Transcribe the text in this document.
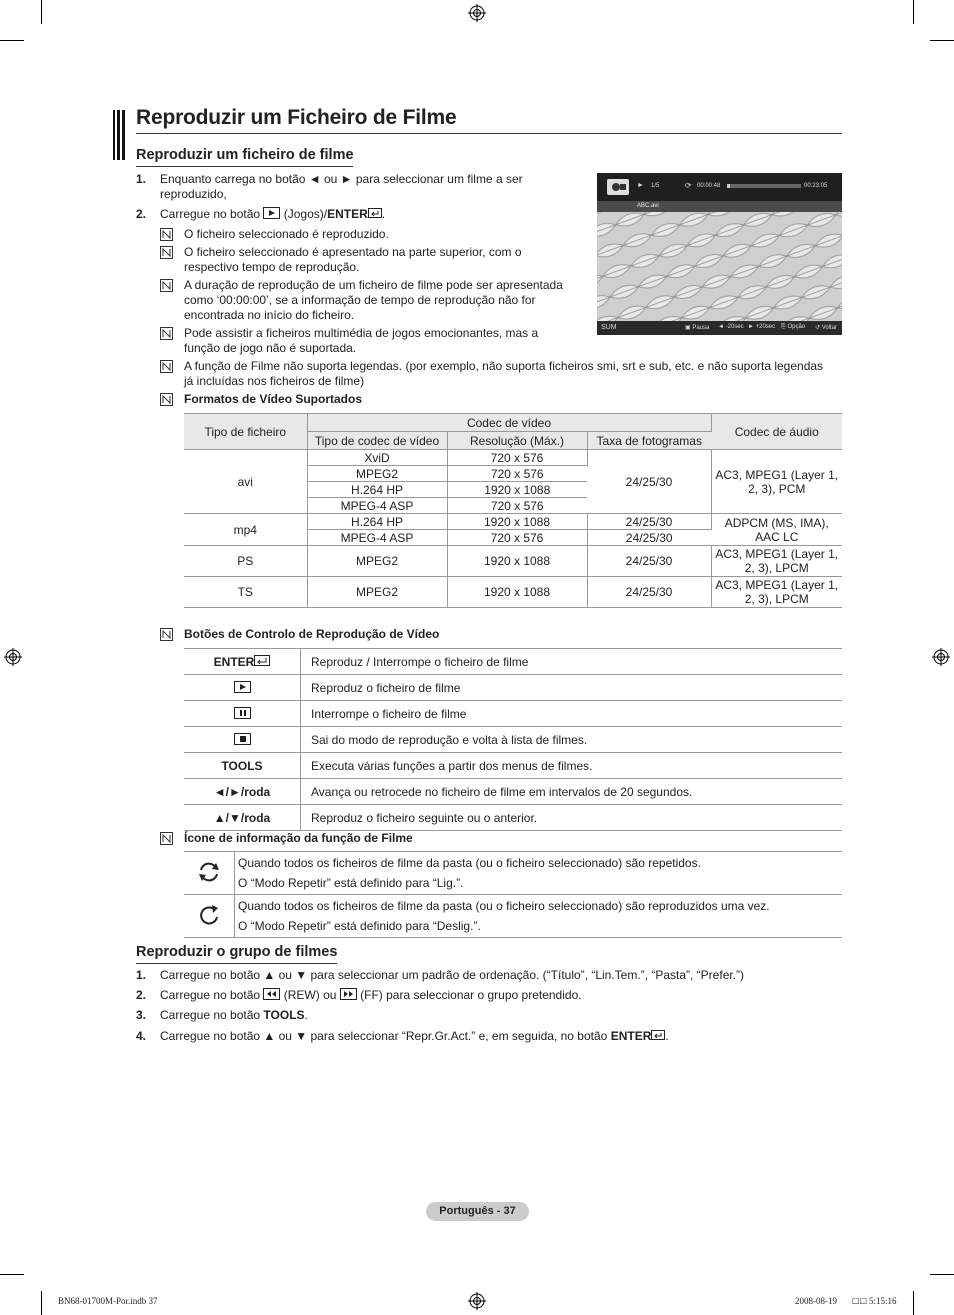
Reproduzir um Ficheiro de Filme
Reproduzir um ficheiro de filme
1. Enquanto carrega no botão ◄ ou ► para seleccionar um filme a ser
reproduzido,
2. Carregue no botão (Jogos)/ENTER .
O ficheiro seleccionado é reproduzido.
O ficheiro seleccionado é apresentado na parte superior, com o
respectivo tempo de reprodução.
A duração de reprodução de um ficheiro de filme pode ser apresentada
como ‘00:00:00’, se a informação de tempo de reprodução não for
encontrada no início do ficheiro.
Pode assistir a ficheiros multimédia de jogos emocionantes, mas a
função de jogo não é suportada.
A função de Filme não suporta legendas. (por exemplo, não suporta ficheiros smi, srt e sub, etc. e não suporta legendas
já incluídas nos ficheiros de filme)
Formatos de Vídeo Suportados
► 1/5	⟳ 00:00:48	00:23:05
ABC.avi
SUM	▣ Pausa ◄ -20sec ► +20sec ⎘ Opção ↺ Voltar
Tipo de ficheiro	Codec de vídeo			Codec de áudio
	Tipo de codec de vídeo	Resolução (Máx.)	Taxa de fotogramas	
avi	XviD	720 x 576	24/25/30	AC3, MPEG1 (Layer 1, 2, 3), PCM
	MPEG2	720 x 576		
	H.264 HP	1920 x 1088		
	MPEG-4 ASP	720 x 576		
mp4	H.264 HP	1920 x 1088	24/25/30	ADPCM (MS, IMA), AAC LC
	MPEG-4 ASP	720 x 576	24/25/30	
PS	MPEG2	1920 x 1088	24/25/30	AC3, MPEG1 (Layer 1, 2, 3), LPCM
TS	MPEG2	1920 x 1088	24/25/30	AC3, MPEG1 (Layer 1, 2, 3), LPCM
Botões de Controlo de Reprodução de Vídeo
ENTER	Reproduz / Interrompe o ficheiro de filme

	Reproduz o ficheiro de filme

	Interrompe o ficheiro de filme

	Sai do modo de reprodução e volta à lista de filmes.
TOOLS	Executa várias funções a partir dos menus de filmes.
◄/►/roda	Avança ou retrocede no ficheiro de filme em intervalos de 20 segundos.
▲/▼/roda	Reproduz o ficheiro seguinte ou o anterior.
Ícone de informação da função de Filme

Quando todos os ficheiros de filme da pasta (ou o ficheiro seleccionado) são repetidos.
O “Modo Repetir” está definido para “Lig.”.

Quando todos os ficheiros de filme da pasta (ou o ficheiro seleccionado) são reproduzidos uma vez.
O “Modo Repetir” está definido para “Deslig.”.
Reproduzir o grupo de filmes
1. Carregue no botão ▲ ou ▼ para seleccionar um padrão de ordenação. (“Título”, “Lin.Tem.”, “Pasta”, “Prefer.”)
2. Carregue no botão (REW) ou (FF) para seleccionar o grupo pretendido.
3. Carregue no botão TOOLS.
4. Carregue no botão ▲ ou ▼ para seleccionar “Repr.Gr.Act.” e, em seguida, no botão ENTER .
Português - 37
BN68-01700M-Por.indb 37	2008-08-19 □□ 5:15:16
